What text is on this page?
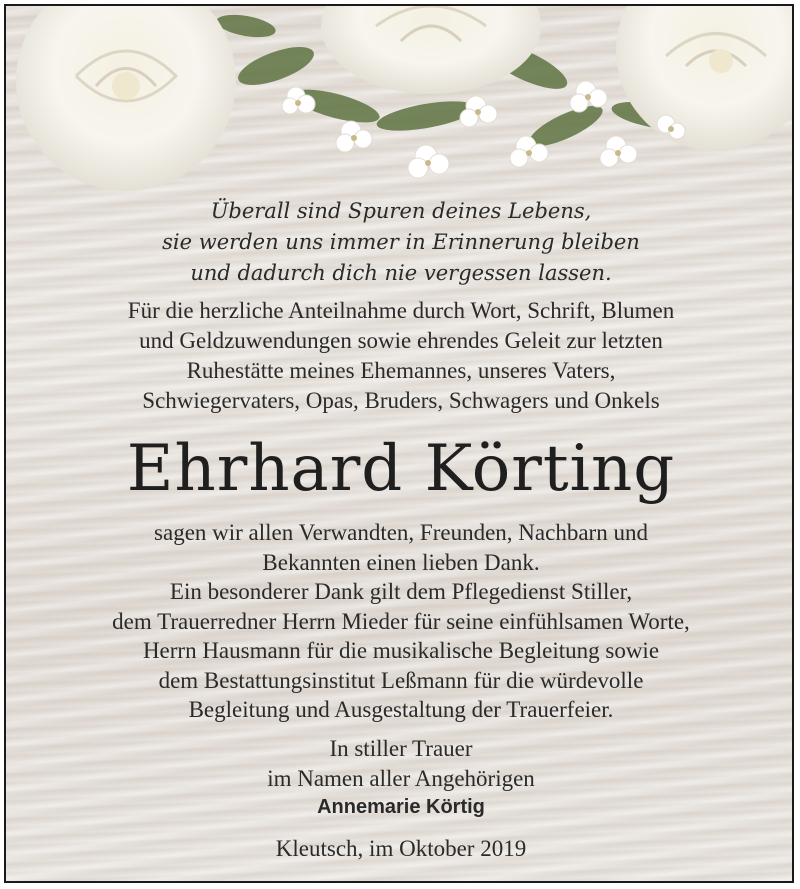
Überall sind Spuren deines Lebens,
sie werden uns immer in Erinnerung bleiben
und dadurch dich nie vergessen lassen.
Für die herzliche Anteilnahme durch Wort, Schrift, Blumen
und Geldzuwendungen sowie ehrendes Geleit zur letzten
Ruhestätte meines Ehemannes, unseres Vaters,
Schwiegervaters, Opas, Bruders, Schwagers und Onkels
Ehrhard Körting
sagen wir allen Verwandten, Freunden, Nachbarn und
Bekannten einen lieben Dank.
Ein besonderer Dank gilt dem Pflegedienst Stiller,
dem Trauerredner Herrn Mieder für seine einfühlsamen Worte,
Herrn Hausmann für die musikalische Begleitung sowie
dem Bestattungsinstitut Leßmann für die würdevolle
Begleitung und Ausgestaltung der Trauerfeier.
In stiller Trauer
im Namen aller Angehörigen
Annemarie Körtig
Kleutsch, im Oktober 2019
